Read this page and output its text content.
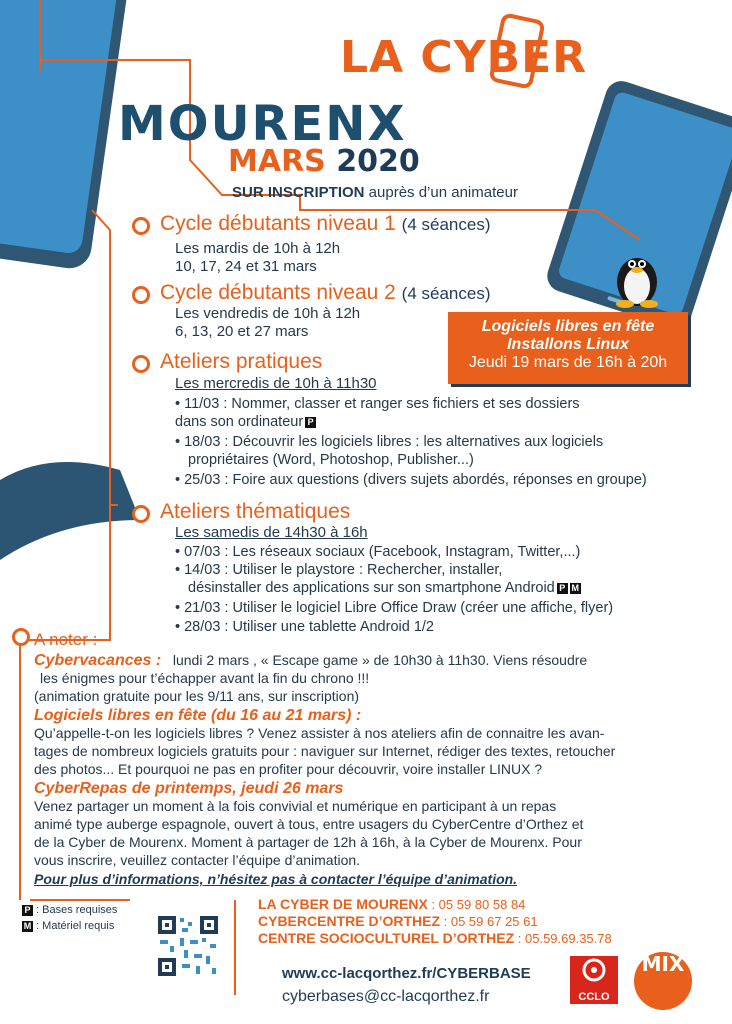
LA CYBER
MOURENX
MARS 2020
SUR INSCRIPTION auprès d’un animateur
Logiciels libres en fête
Installons Linux
Jeudi 19 mars de 16h à 20h
Cycle débutants niveau 1 (4 séances)
Les mardis de 10h à 12h
10, 17, 24 et 31 mars
Cycle débutants niveau 2 (4 séances)
Les vendredis de 10h à 12h
6, 13, 20 et 27 mars
Ateliers pratiques
Les mercredis de 10h à 11h30
• 11/03 : Nommer, classer et ranger ses fichiers et ses dossiers
dans son ordinateur P
• 18/03 : Découvrir les logiciels libres : les alternatives aux logiciels
propriétaires (Word, Photoshop, Publisher...)
• 25/03 : Foire aux questions (divers sujets abordés, réponses en groupe)
Ateliers thématiques
Les samedis de 14h30 à 16h
• 07/03 : Les réseaux sociaux (Facebook, Instagram, Twitter,...)
• 14/03 : Utiliser le playstore : Rechercher, installer,
désinstaller des applications sur son smartphone Android P M
• 21/03 : Utiliser le logiciel Libre Office Draw (créer une affiche, flyer)
• 28/03 : Utiliser une tablette Android 1/2
A noter :
Cybervacances : lundi 2 mars , « Escape game » de 10h30 à 11h30. Viens résoudre
les énigmes pour t’échapper avant la fin du chrono !!!
(animation gratuite pour les 9/11 ans, sur inscription)
Logiciels libres en fête (du 16 au 21 mars) :
Qu’appelle-t-on les logiciels libres ? Venez assister à nos ateliers afin de connaitre les avan-
tages de nombreux logiciels gratuits pour : naviguer sur Internet, rédiger des textes, retoucher
des photos... Et pourquoi ne pas en profiter pour découvrir, voire installer LINUX ?
CyberRepas de printemps, jeudi 26 mars
Venez partager un moment à la fois convivial et numérique en participant à un repas
animé type auberge espagnole, ouvert à tous, entre usagers du CyberCentre d’Orthez et
de la Cyber de Mourenx. Moment à partager de 12h à 16h, à la Cyber de Mourenx. Pour
vous inscrire, veuillez contacter l’équipe d’animation.
Pour plus d’informations, n’hésitez pas à contacter l’équipe d’animation.
P : Bases requises
M : Matériel requis
LA CYBER DE MOURENX : 05 59 80 58 84
CYBERCENTRE D’ORTHEZ : 05 59 67 25 61
CENTRE SOCIOCULTUREL D’ORTHEZ : 05.59.69.35.78
www.cc-lacqorthez.fr/CYBERBASE
cyberbases@cc-lacqorthez.fr	CCLO
MIX
